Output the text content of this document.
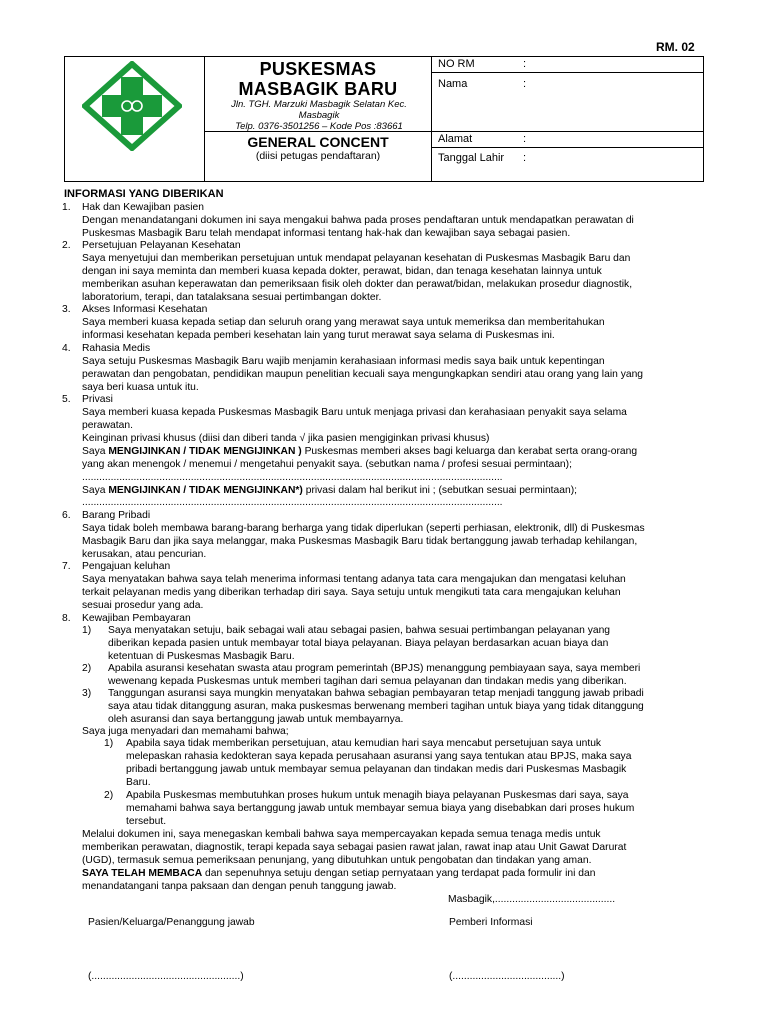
RM. 02
PUSKESMAS
MASBAGIK BARU
Jln. TGH. Marzuki Masbagik Selatan Kec.
Masbagik
Telp. 0376-3501256 – Kode Pos :83661
GENERAL CONCENT
(diisi petugas pendaftaran)
NO RM	:
Nama	:
Alamat	:
Tanggal Lahir :
INFORMASI YANG DIBERIKAN
1. Hak dan Kewajiban pasien
Dengan menandatangani dokumen ini saya mengakui bahwa pada proses pendaftaran untuk mendapatkan perawatan di
Puskesmas Masbagik Baru telah mendapat informasi tentang hak-hak dan kewajiban saya sebagai pasien.
2. Persetujuan Pelayanan Kesehatan
Saya menyetujui dan memberikan persetujuan untuk mendapat pelayanan kesehatan di Puskesmas Masbagik Baru dan
dengan ini saya meminta dan memberi kuasa kepada dokter, perawat, bidan, dan tenaga kesehatan lainnya untuk
memberikan asuhan keperawatan dan pemeriksaan fisik oleh dokter dan perawat/bidan, melakukan prosedur diagnostik,
laboratorium, terapi, dan tatalaksana sesuai pertimbangan dokter.
3. Akses Informasi Kesehatan
Saya memberi kuasa kepada setiap dan seluruh orang yang merawat saya untuk memeriksa dan memberitahukan
informasi kesehatan kepada pemberi kesehatan lain yang turut merawat saya selama di Puskesmas ini.
4. Rahasia Medis
Saya setuju Puskesmas Masbagik Baru wajib menjamin kerahasiaan informasi medis saya baik untuk kepentingan
perawatan dan pengobatan, pendidikan maupun penelitian kecuali saya mengungkapkan sendiri atau orang yang lain yang
saya beri kuasa untuk itu.
5. Privasi
Saya memberi kuasa kepada Puskesmas Masbagik Baru untuk menjaga privasi dan kerahasiaan penyakit saya selama
perawatan.
Keinginan privasi khusus (diisi dan diberi tanda √ jika pasien mengiginkan privasi khusus)
Saya MENGIJINKAN / TIDAK MENGIJINKAN ) Puskesmas memberi akses bagi keluarga dan kerabat serta orang-orang
yang akan menengok / menemui / mengetahui penyakit saya. (sebutkan nama / profesi sesuai permintaan);
...................................................................................................................................................
Saya MENGIJINKAN / TIDAK MENGIJINKAN*) privasi dalam hal berikut ini ; (sebutkan sesuai permintaan);
...................................................................................................................................................
6. Barang Pribadi
Saya tidak boleh membawa barang-barang berharga yang tidak diperlukan (seperti perhiasan, elektronik, dll) di Puskesmas
Masbagik Baru dan jika saya melanggar, maka Puskesmas Masbagik Baru tidak bertanggung jawab terhadap kehilangan,
kerusakan, atau pencurian.
7. Pengajuan keluhan
Saya menyatakan bahwa saya telah menerima informasi tentang adanya tata cara mengajukan dan mengatasi keluhan
terkait pelayanan medis yang diberikan terhadap diri saya. Saya setuju untuk mengikuti tata cara mengajukan keluhan
sesuai prosedur yang ada.
8. Kewajiban Pembayaran
1) Saya menyatakan setuju, baik sebagai wali atau sebagai pasien, bahwa sesuai pertimbangan pelayanan yang
diberikan kepada pasien untuk membayar total biaya pelayanan. Biaya pelayan berdasarkan acuan biaya dan
ketentuan di Puskesmas Masbagik Baru.
2) Apabila asuransi kesehatan swasta atau program pemerintah (BPJS) menanggung pembiayaan saya, saya memberi
wewenang kepada Puskesmas untuk memberi tagihan dari semua pelayanan dan tindakan medis yang diberikan.
3) Tanggungan asuransi saya mungkin menyatakan bahwa sebagian pembayaran tetap menjadi tanggung jawab pribadi
saya atau tidak ditanggung asuran, maka puskesmas berwenang memberi tagihan untuk biaya yang tidak ditanggung
oleh asuransi dan saya bertanggung jawab untuk membayarnya.
Saya juga menyadari dan memahami bahwa;
1) Apabila saya tidak memberikan persetujuan, atau kemudian hari saya mencabut persetujuan saya untuk
melepaskan rahasia kedokteran saya kepada perusahaan asuransi yang saya tentukan atau BPJS, maka saya
pribadi bertanggung jawab untuk membayar semua pelayanan dan tindakan medis dari Puskesmas Masbagik
Baru.
2) Apabila Puskesmas membutuhkan proses hukum untuk menagih biaya pelayanan Puskesmas dari saya, saya
memahami bahwa saya bertanggung jawab untuk membayar semua biaya yang disebabkan dari proses hukum
tersebut.
Melalui dokumen ini, saya menegaskan kembali bahwa saya mempercayakan kepada semua tenaga medis untuk
memberikan perawatan, diagnostik, terapi kepada saya sebagai pasien rawat jalan, rawat inap atau Unit Gawat Darurat
(UGD), termasuk semua pemeriksaan penunjang, yang dibutuhkan untuk pengobatan dan tindakan yang aman.
SAYA TELAH MEMBACA dan sepenuhnya setuju dengan setiap pernyataan yang terdapat pada formulir ini dan
menandatangani tanpa paksaan dan dengan penuh tanggung jawab.
Masbagik,..........................................
Pasien/Keluarga/Penanggung jawab	Pemberi Informasi
(....................................................)	(......................................)
